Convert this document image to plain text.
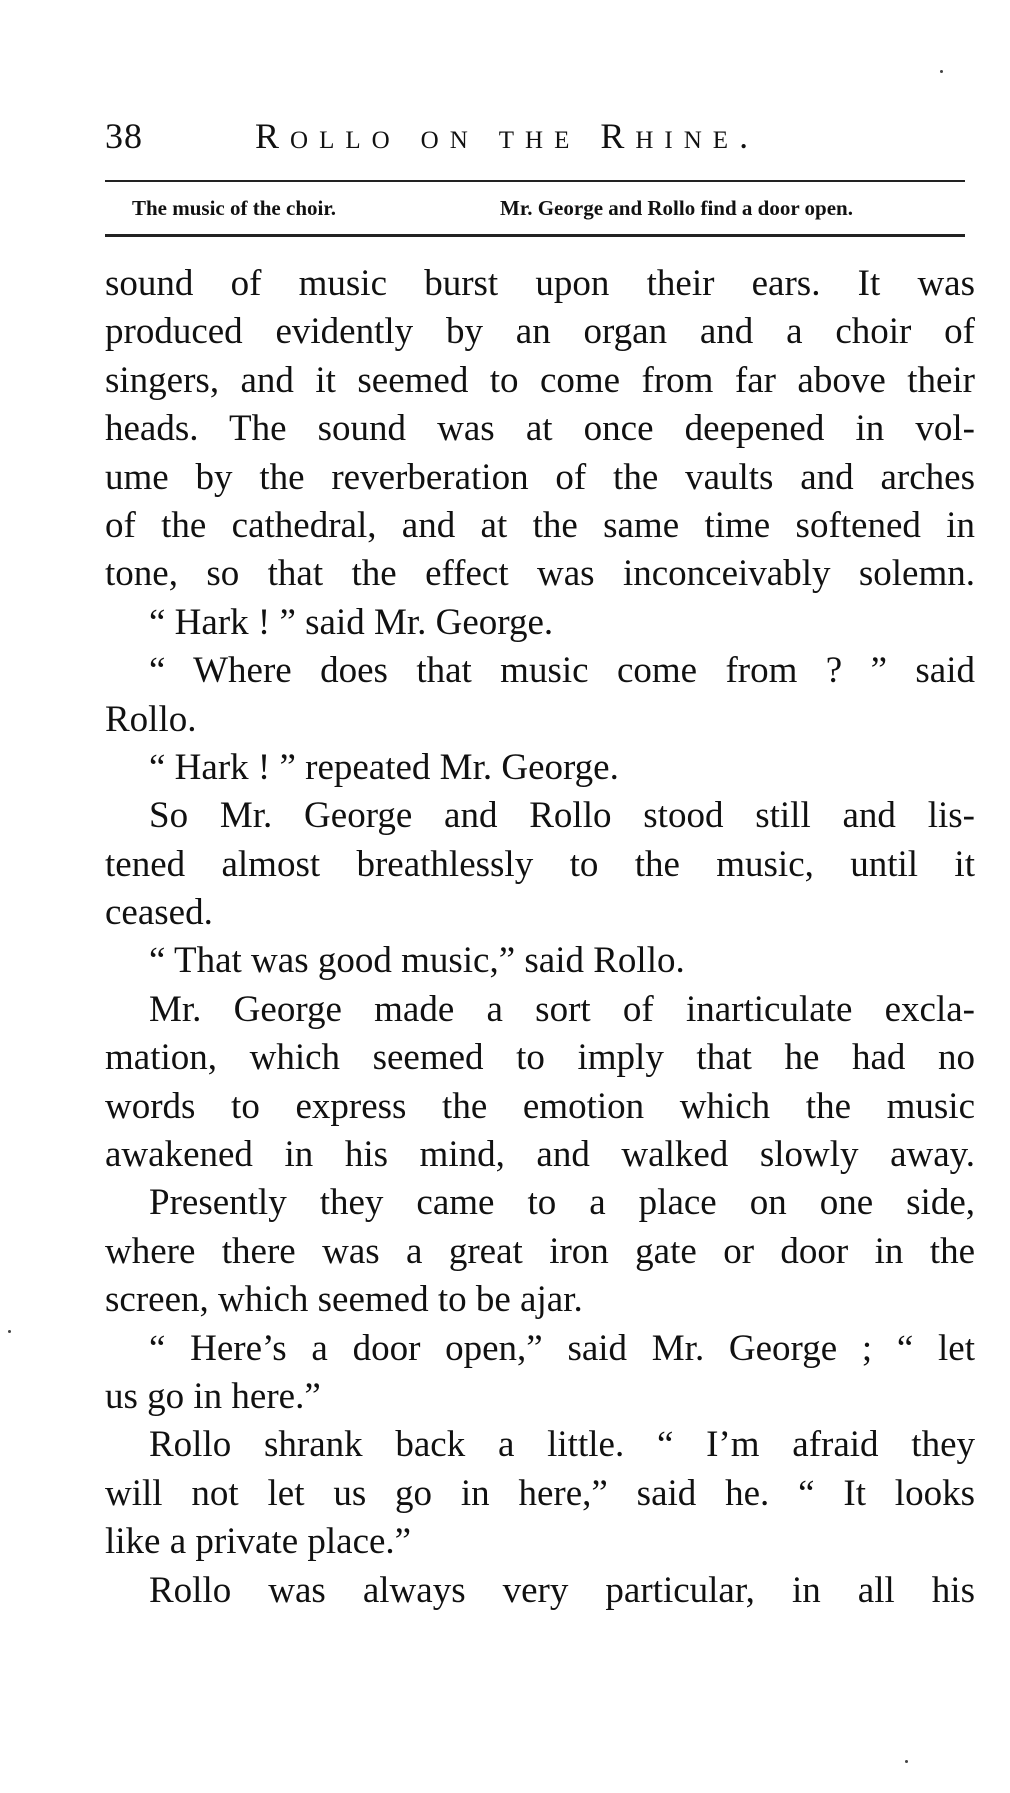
38	Rollo on the Rhine.
The music of the choir.	Mr. George and Rollo find a door open.
sound of music burst upon their ears. It was
produced evidently by an organ and a choir of
singers, and it seemed to come from far above their
heads. The sound was at once deepened in vol-
ume by the reverberation of the vaults and arches
of the cathedral, and at the same time softened in
tone, so that the effect was inconceivably solemn.
“ Hark ! ” said Mr. George.
“ Where does that music come from ? ” said
Rollo.
“ Hark ! ” repeated Mr. George.
So Mr. George and Rollo stood still and lis-
tened almost breathlessly to the music, until it
ceased.
“ That was good music,” said Rollo.
Mr. George made a sort of inarticulate excla-
mation, which seemed to imply that he had no
words to express the emotion which the music
awakened in his mind, and walked slowly away.
Presently they came to a place on one side,
where there was a great iron gate or door in the
screen, which seemed to be ajar.
“ Here’s a door open,” said Mr. George ; “ let
us go in here.”
Rollo shrank back a little. “ I’m afraid they
will not let us go in here,” said he. “ It looks
like a private place.”
Rollo was always very particular, in all his
